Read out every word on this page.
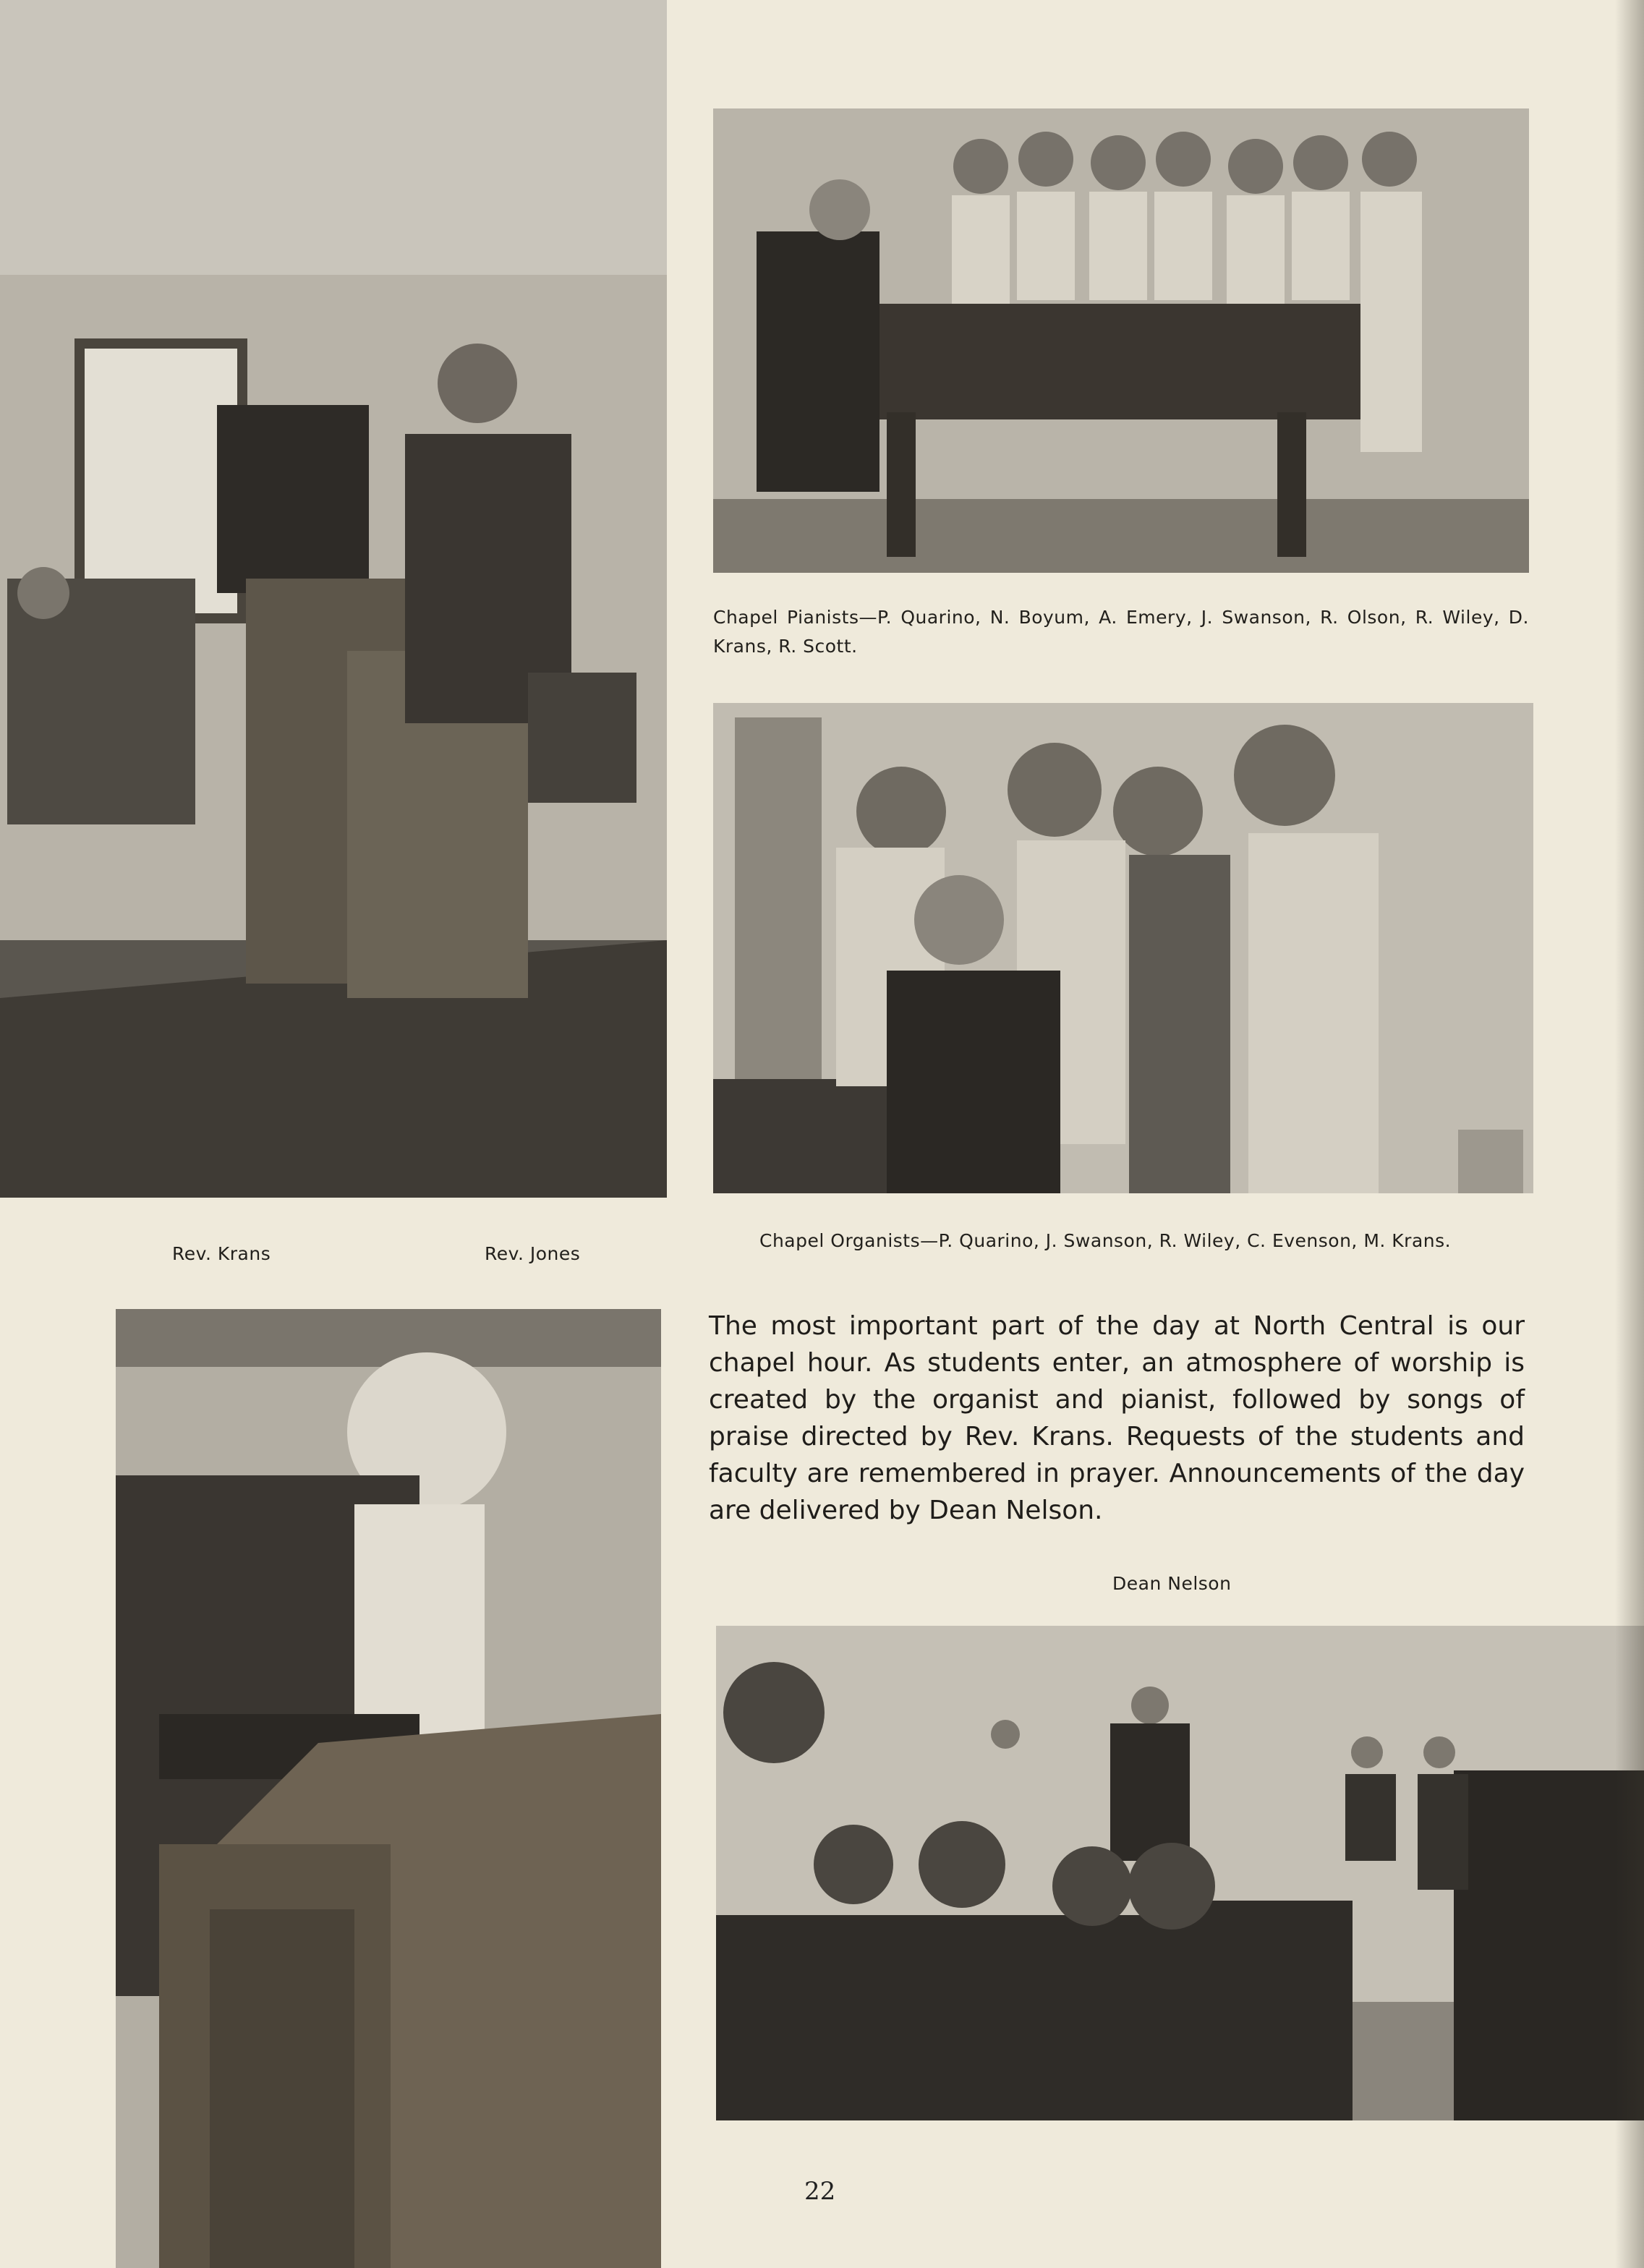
Chapel Pianists—P. Quarino, N. Boyum, A. Emery, J. Swanson, R. Olson, R. Wiley, D. Krans, R. Scott.
Rev. Krans	Rev. Jones
Chapel Organists—P. Quarino, J. Swanson, R. Wiley, C. Evenson, M. Krans.
The most important part of the day at North Central is our chapel hour. As students enter, an atmosphere of worship is created by the organist and pianist, followed by songs of praise directed by Rev. Krans. Requests of the students and faculty are remembered in prayer. Announcements of the day are delivered by Dean Nelson.
Dean Nelson
22
